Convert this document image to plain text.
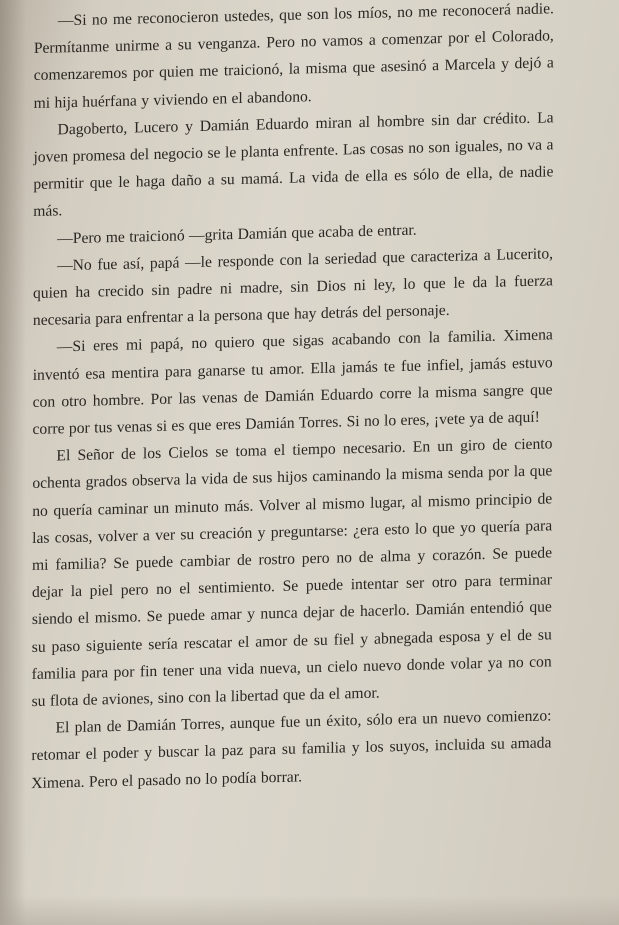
—Si no me reconocieron ustedes, que son los míos, no me reconocerá nadie. Permítanme unirme a su venganza. Pero no vamos a comenzar por el Colorado, comenzaremos por quien me traicionó, la misma que asesinó a Marcela y dejó a mi hija huérfana y viviendo en el abandono.

Dagoberto, Lucero y Damián Eduardo miran al hombre sin dar crédito. La joven promesa del negocio se le planta enfrente. Las cosas no son iguales, no va a permitir que le haga daño a su mamá. La vida de ella es sólo de ella, de nadie más.

—Pero me traicionó —grita Damián que acaba de entrar.

—No fue así, papá —le responde con la seriedad que caracteriza a Lucerito, quien ha crecido sin padre ni madre, sin Dios ni ley, lo que le da la fuerza necesaria para enfrentar a la persona que hay detrás del personaje.

—Si eres mi papá, no quiero que sigas acabando con la familia. Ximena inventó esa mentira para ganarse tu amor. Ella jamás te fue infiel, jamás estuvo con otro hombre. Por las venas de Damián Eduardo corre la misma sangre que corre por tus venas si es que eres Damián Torres. Si no lo eres, ¡vete ya de aquí!

El Señor de los Cielos se toma el tiempo necesario. En un giro de ciento ochenta grados observa la vida de sus hijos caminando la misma senda por la que no quería caminar un minuto más. Volver al mismo lugar, al mismo principio de las cosas, volver a ver su creación y preguntarse: ¿era esto lo que yo quería para mi familia? Se puede cambiar de rostro pero no de alma y corazón. Se puede dejar la piel pero no el sentimiento. Se puede intentar ser otro para terminar siendo el mismo. Se puede amar y nunca dejar de hacerlo. Damián entendió que su paso siguiente sería rescatar el amor de su fiel y abnegada esposa y el de su familia para por fin tener una vida nueva, un cielo nuevo donde volar ya no con su flota de aviones, sino con la libertad que da el amor.

El plan de Damián Torres, aunque fue un éxito, sólo era un nuevo comienzo: retomar el poder y buscar la paz para su familia y los suyos, incluida su amada Ximena. Pero el pasado no lo podía borrar.
